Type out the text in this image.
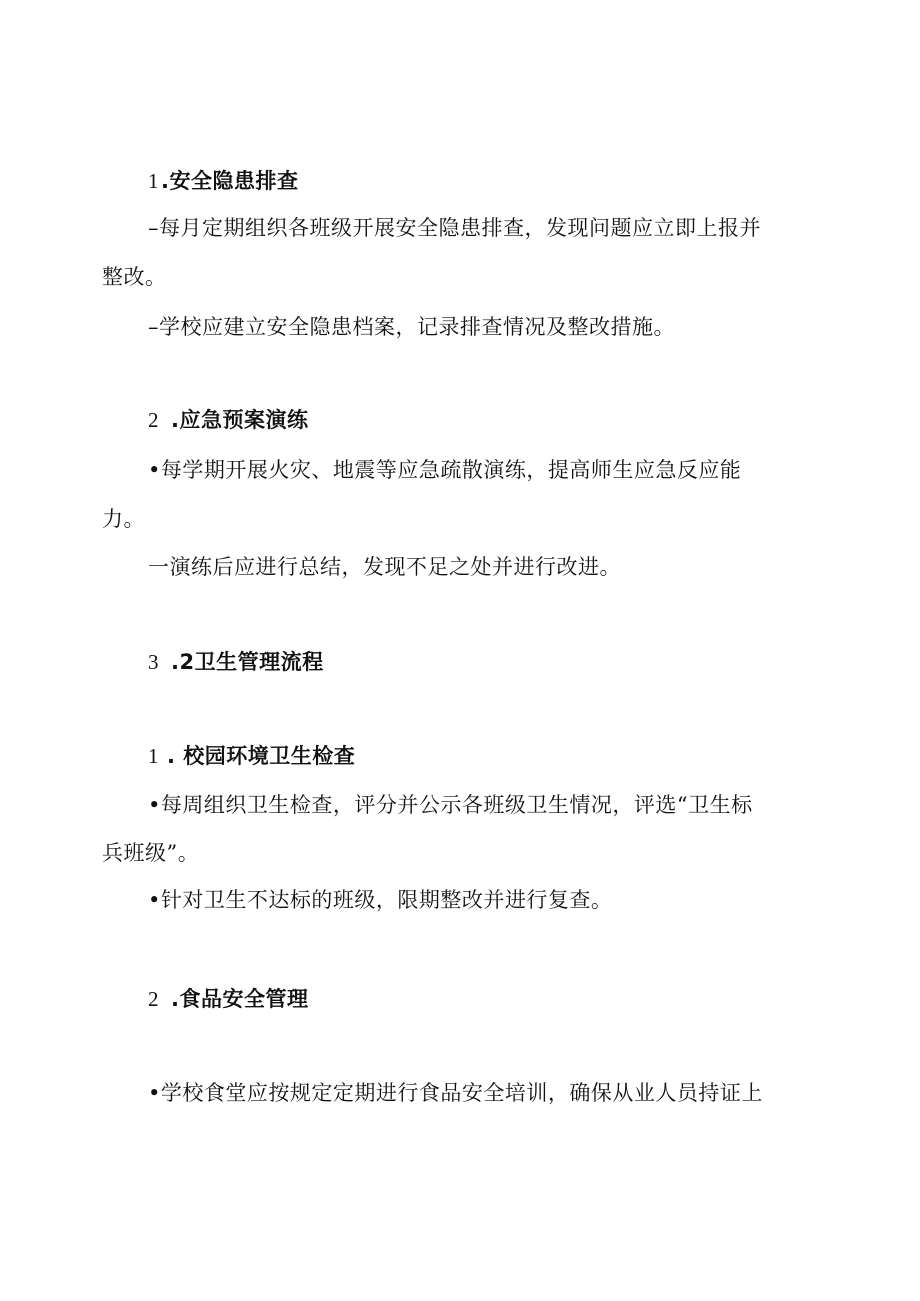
1.安全隐患排查
–每月定期组织各班级开展安全隐患排查，发现问题应立即上报并
整改。
–学校应建立安全隐患档案，记录排查情况及整改措施。
2 .应急预案演练
•每学期开展火灾、地震等应急疏散演练，提高师生应急反应能
力。
一演练后应进行总结，发现不足之处并进行改进。
3 .2卫生管理流程
1 . 校园环境卫生检查
•每周组织卫生检查，评分并公示各班级卫生情况，评选“卫生标
兵班级”。
•针对卫生不达标的班级，限期整改并进行复查。
2 .食品安全管理
•学校食堂应按规定定期进行食品安全培训，确保从业人员持证上
